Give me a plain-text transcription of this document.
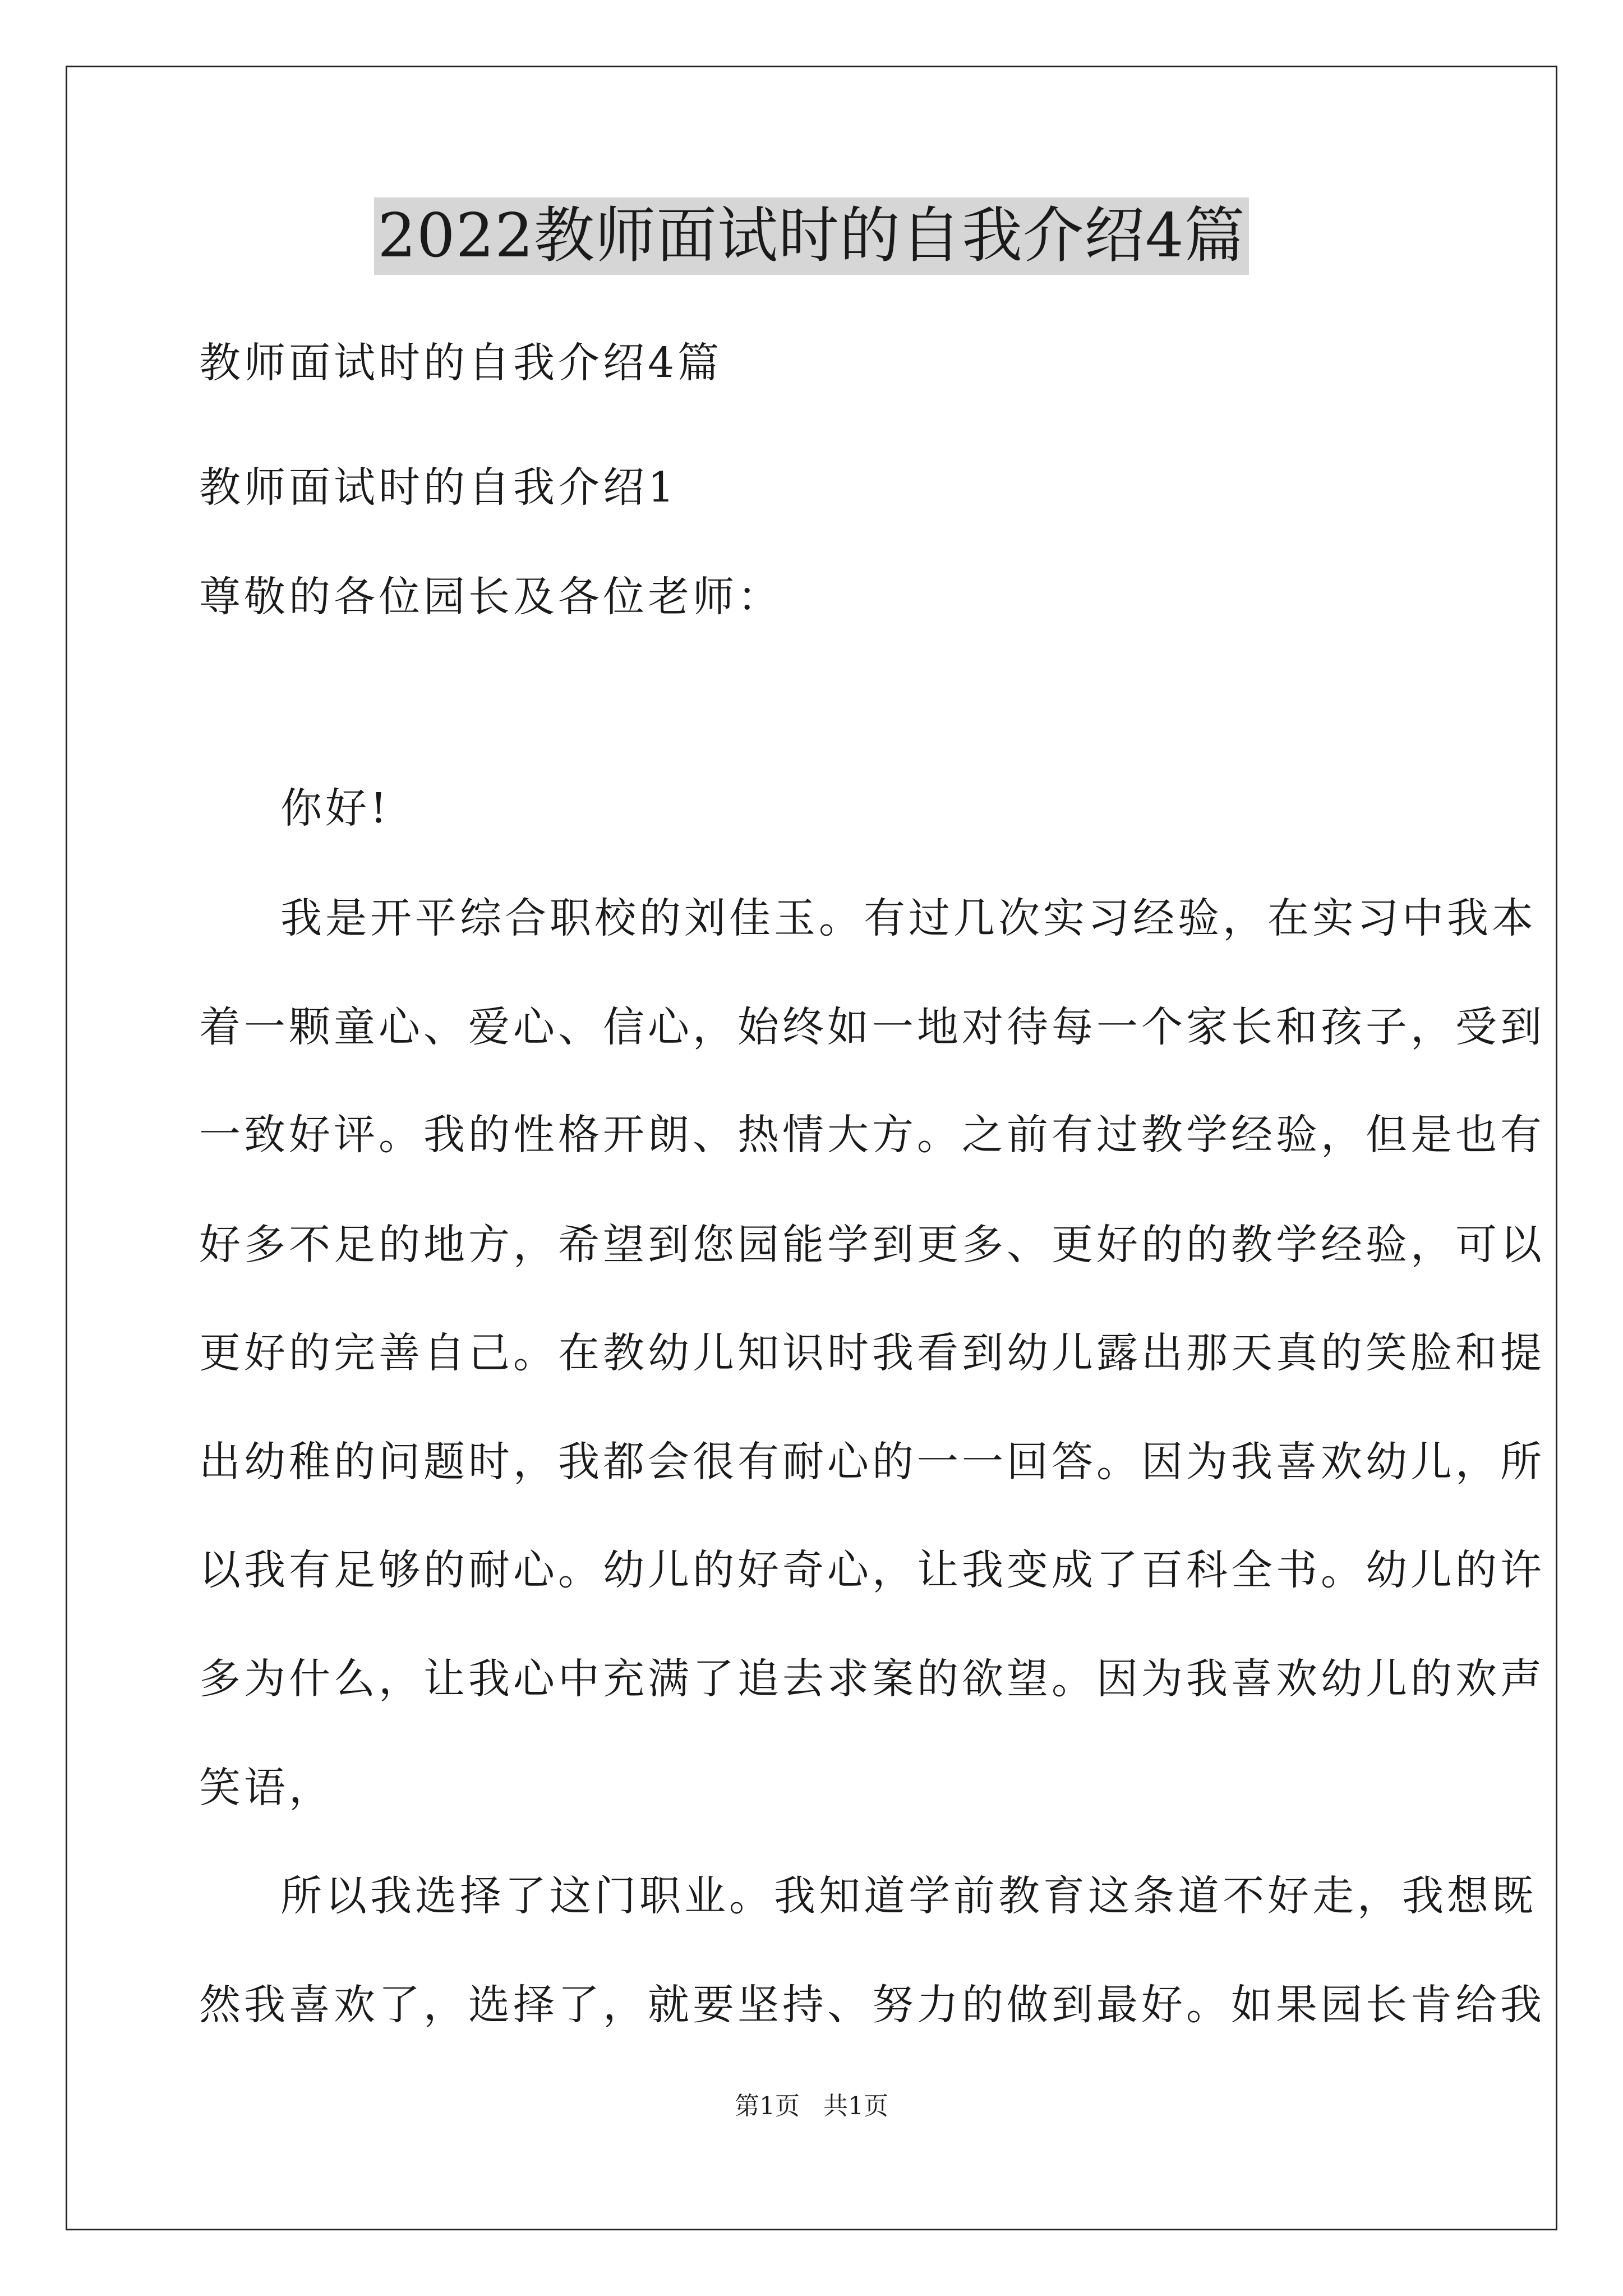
2022教师面试时的自我介绍4篇
教师面试时的自我介绍4篇
教师面试时的自我介绍1
尊敬的各位园长及各位老师：
你好!
我是开平综合职校的刘佳玉。有过几次实习经验，在实习中我本
着一颗童心、爱心、信心，始终如一地对待每一个家长和孩子，受到
一致好评。我的性格开朗、热情大方。之前有过教学经验，但是也有
好多不足的地方，希望到您园能学到更多、更好的的教学经验，可以
更好的完善自己。在教幼儿知识时我看到幼儿露出那天真的笑脸和提
出幼稚的问题时，我都会很有耐心的一一回答。因为我喜欢幼儿，所
以我有足够的耐心。幼儿的好奇心，让我变成了百科全书。幼儿的许
多为什么，让我心中充满了追去求案的欲望。因为我喜欢幼儿的欢声
笑语，
所以我选择了这门职业。我知道学前教育这条道不好走，我想既
然我喜欢了，选择了，就要坚持、努力的做到最好。如果园长肯给我
第1页   共1页
